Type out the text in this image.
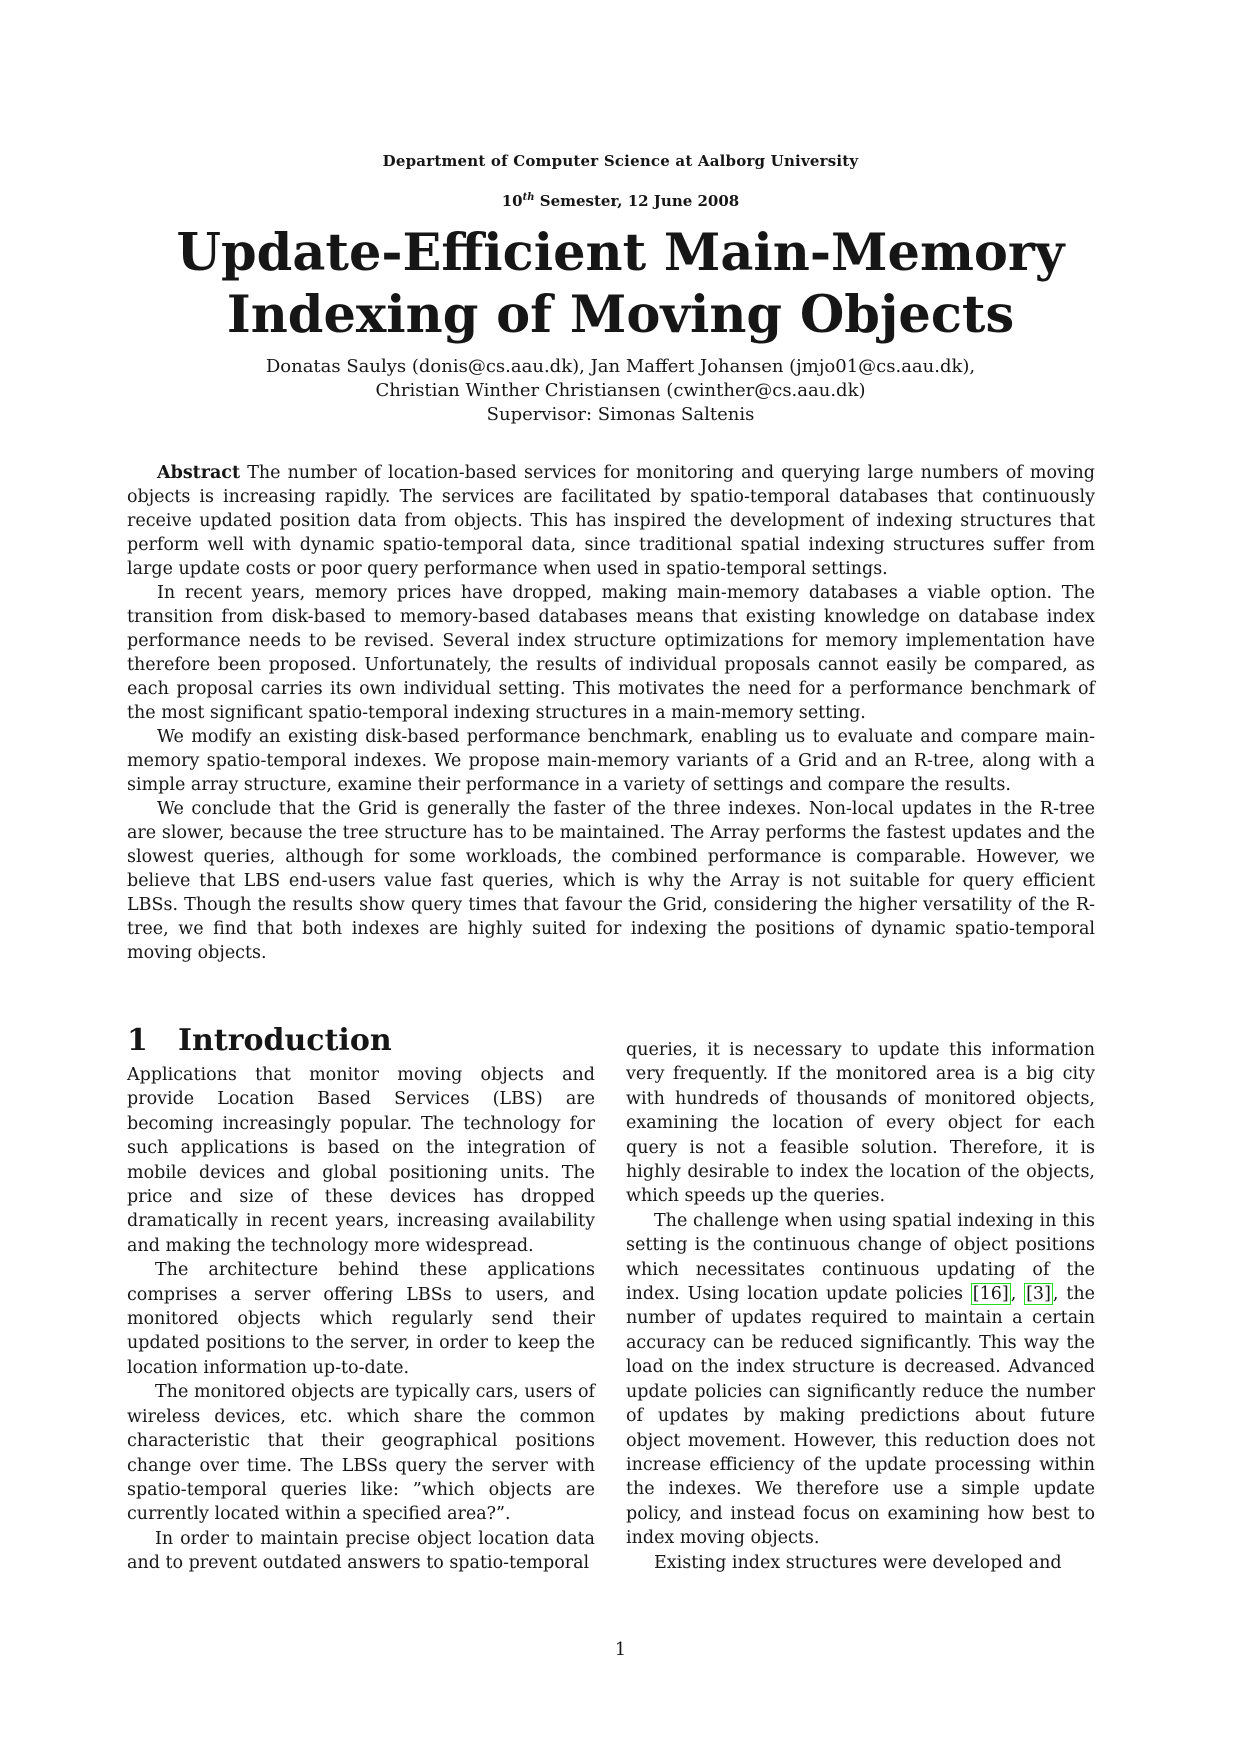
Department of Computer Science at Aalborg University
10th Semester, 12 June 2008
Update-Efficient Main-Memory
Indexing of Moving Objects
Donatas Saulys (donis@cs.aau.dk), Jan Maffert Johansen (jmjo01@cs.aau.dk),
Christian Winther Christiansen (cwinther@cs.aau.dk)
Supervisor: Simonas Saltenis

Abstract The number of location-based services for monitoring and querying large numbers of moving objects is increasing rapidly. The services are facilitated by spatio-temporal databases that continuously receive updated position data from objects. This has inspired the development of indexing structures that perform well with dynamic spatio-temporal data, since traditional spatial indexing structures suffer from large update costs or poor query performance when used in spatio-temporal settings.

In recent years, memory prices have dropped, making main-memory databases a viable option. The transition from disk-based to memory-based databases means that existing knowledge on database index performance needs to be revised. Several index structure optimizations for memory implementation have therefore been proposed. Unfortunately, the results of individual proposals cannot easily be compared, as each proposal carries its own individual setting. This motivates the need for a performance benchmark of the most significant spatio-temporal indexing structures in a main-memory setting.

We modify an existing disk-based performance benchmark, enabling us to evaluate and compare main-memory spatio-temporal indexes. We propose main-memory variants of a Grid and an R-tree, along with a simple array structure, examine their performance in a variety of settings and compare the results.

We conclude that the Grid is generally the faster of the three indexes. Non-local updates in the R-tree are slower, because the tree structure has to be maintained. The Array performs the fastest updates and the slowest queries, although for some workloads, the combined performance is comparable. However, we believe that LBS end-users value fast queries, which is why the Array is not suitable for query efficient LBSs. Though the results show query times that favour the Grid, considering the higher versatility of the R-tree, we find that both indexes are highly suited for indexing the positions of dynamic spatio-temporal moving objects.

1 Introduction

Applications that monitor moving objects and provide Location Based Services (LBS) are becoming increasingly popular. The technology for such applications is based on the integration of mobile devices and global positioning units. The price and size of these devices has dropped dramatically in recent years, increasing availability and making the technology more widespread.

The architecture behind these applications comprises a server offering LBSs to users, and monitored objects which regularly send their updated positions to the server, in order to keep the location information up-to-date.

The monitored objects are typically cars, users of wireless devices, etc. which share the common characteristic that their geographical positions change over time. The LBSs query the server with spatio-temporal queries like: ”which objects are currently located within a specified area?”.

In order to maintain precise object location data and to prevent outdated answers to spatio-temporal

queries, it is necessary to update this information very frequently. If the monitored area is a big city with hundreds of thousands of monitored objects, examining the location of every object for each query is not a feasible solution. Therefore, it is highly desirable to index the location of the objects, which speeds up the queries.

The challenge when using spatial indexing in this setting is the continuous change of object positions which necessitates continuous updating of the index. Using location update policies [16] , [3] , the number of updates required to maintain a certain accuracy can be reduced significantly. This way the load on the index structure is decreased. Advanced update policies can significantly reduce the number of updates by making predictions about future object movement. However, this reduction does not increase efficiency of the update processing within the indexes. We therefore use a simple update policy, and instead focus on examining how best to index moving objects.

Existing index structures were developed and

1
